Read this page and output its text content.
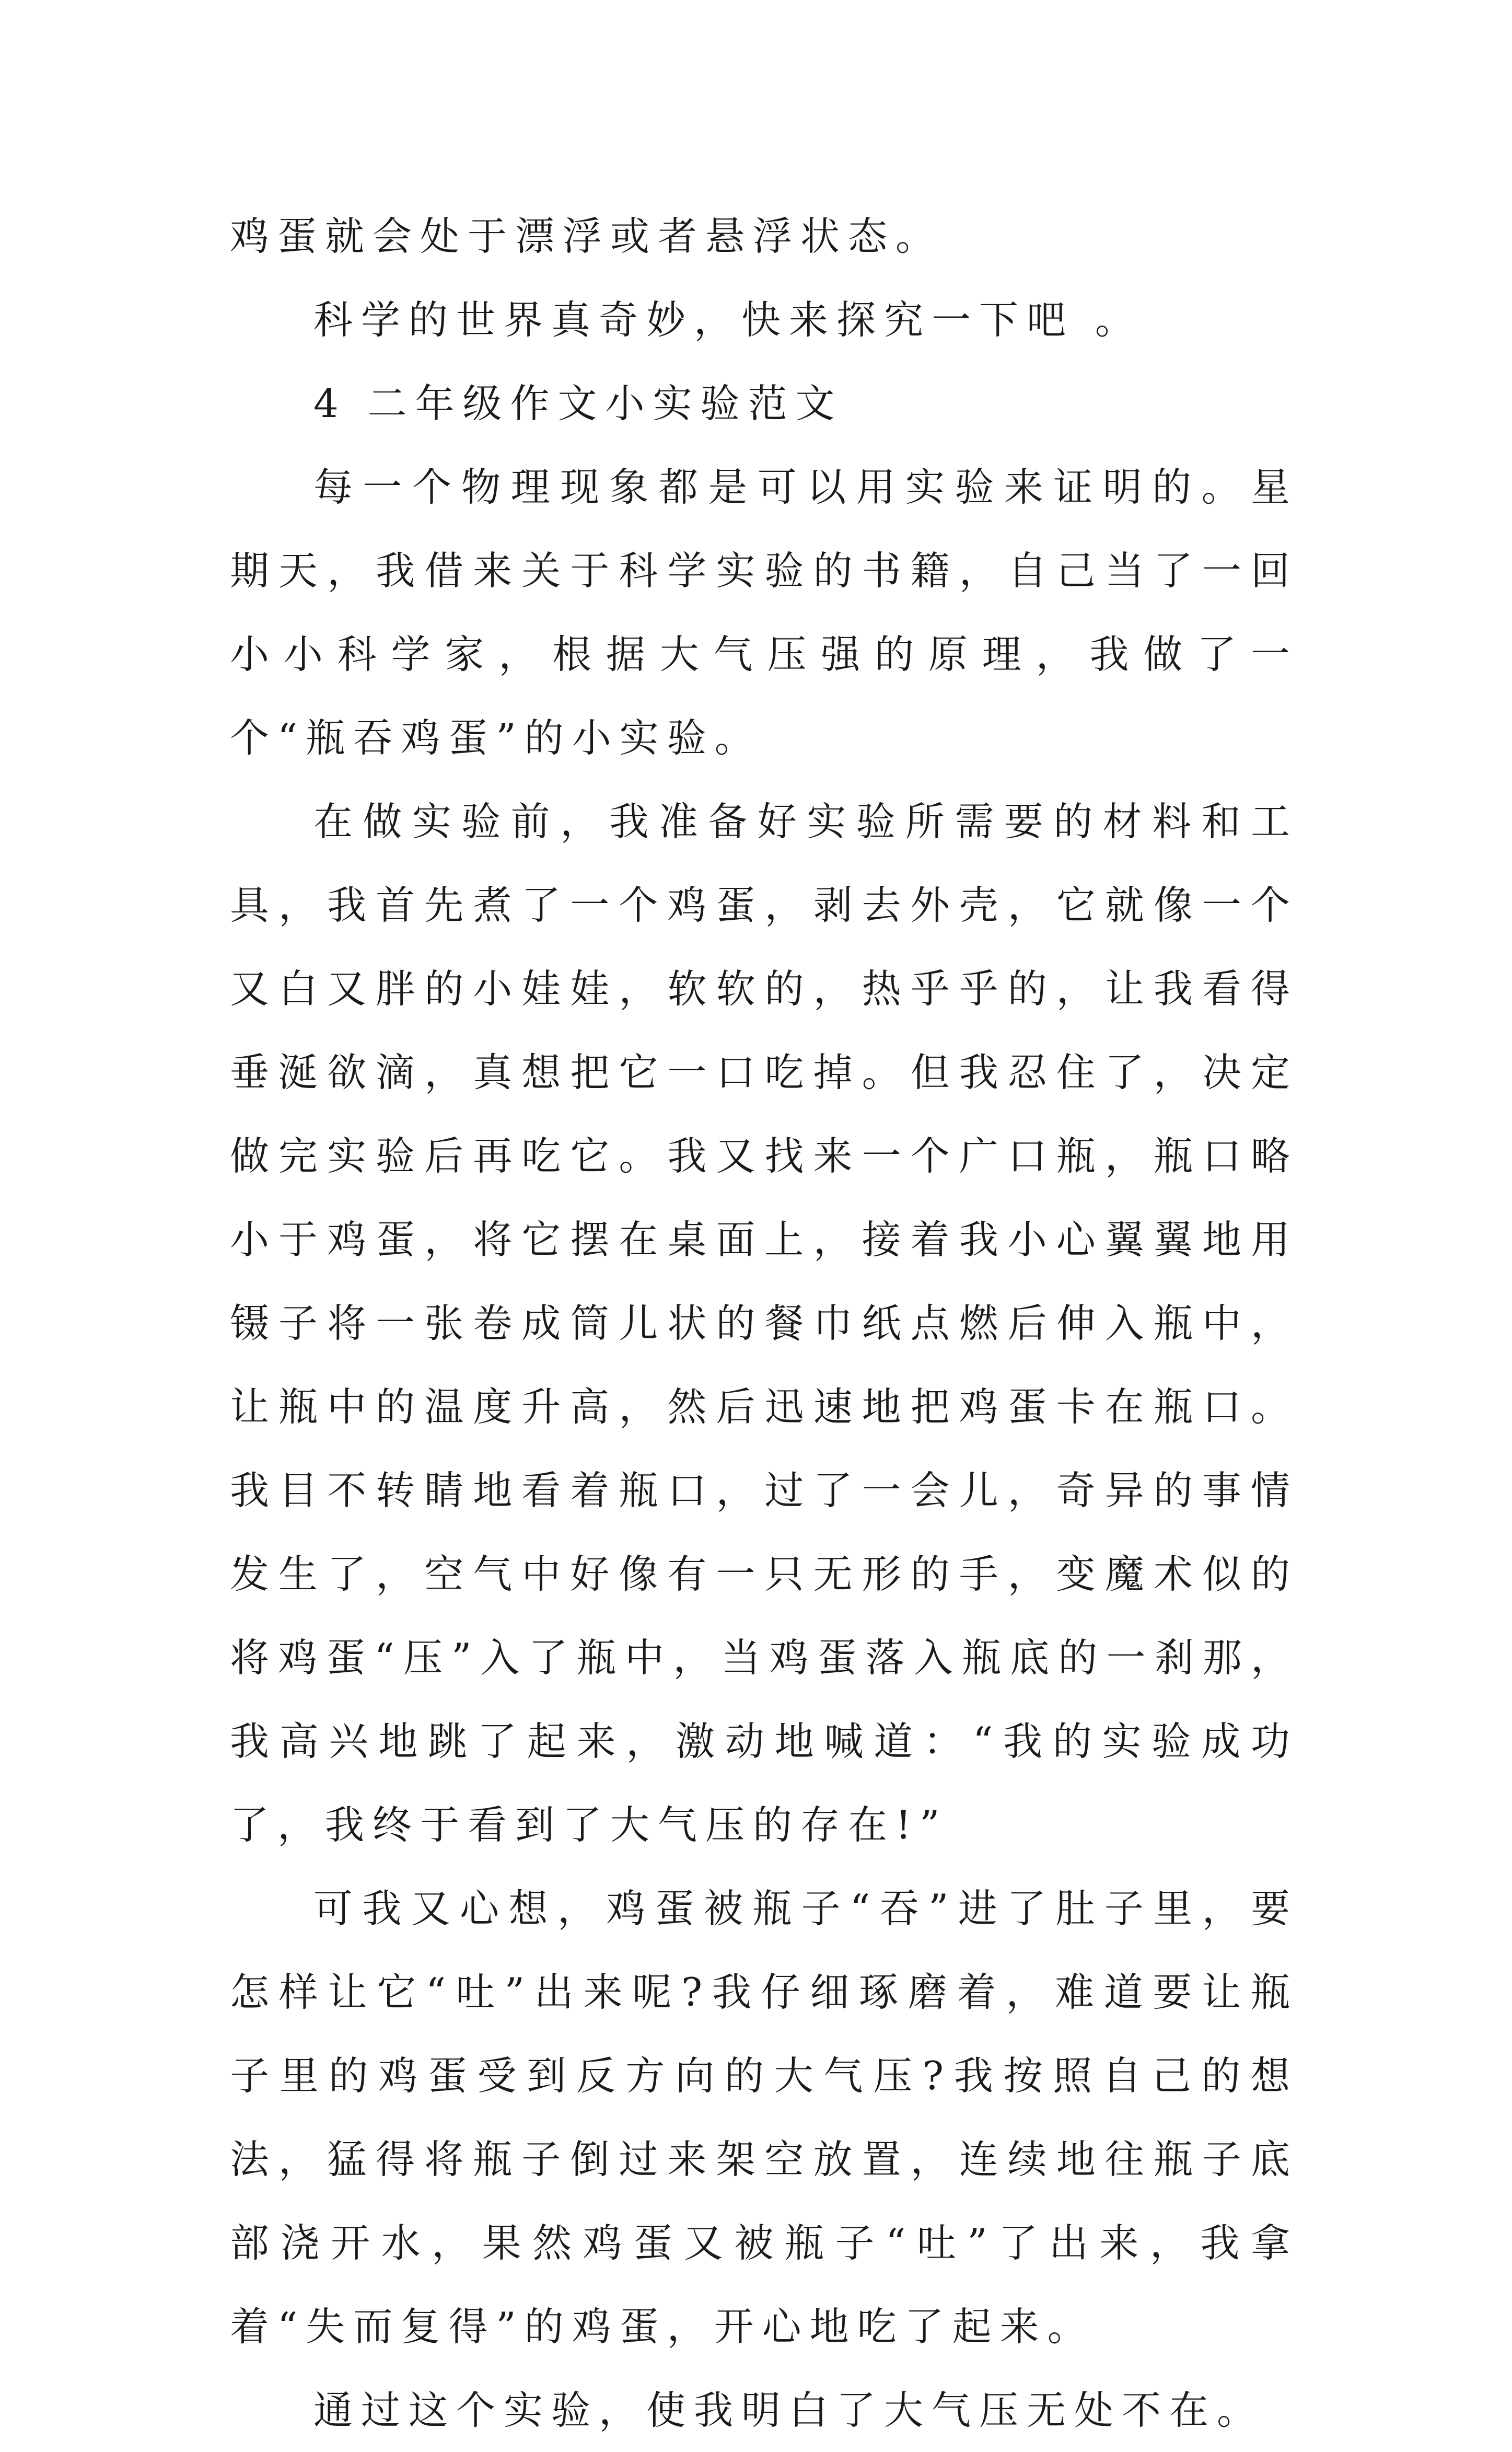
鸡蛋就会处于漂浮或者悬浮状态。

科学的世界真奇妙，快来探究一下吧 。

4 二年级作文小实验范文

每一个物理现象都是可以用实验来证明的。星期天，我借来关于科学实验的书籍，自己当了一回小小科学家，根据大气压强的原理，我做了一个“瓶吞鸡蛋”的小实验。

在做实验前，我准备好实验所需要的材料和工具，我首先煮了一个鸡蛋，剥去外壳，它就像一个又白又胖的小娃娃，软软的，热乎乎的，让我看得垂涎欲滴，真想把它一口吃掉。但我忍住了，决定做完实验后再吃它。我又找来一个广口瓶，瓶口略小于鸡蛋，将它摆在桌面上，接着我小心翼翼地用镊子将一张卷成筒儿状的餐巾纸点燃后伸入瓶中，让瓶中的温度升高，然后迅速地把鸡蛋卡在瓶口。我目不转睛地看着瓶口，过了一会儿，奇异的事情发生了，空气中好像有一只无形的手，变魔术似的将鸡蛋“压”入了瓶中，当鸡蛋落入瓶底的一刹那，我高兴地跳了起来，激动地喊道：“我的实验成功了，我终于看到了大气压的存在!”

可我又心想，鸡蛋被瓶子“吞”进了肚子里，要怎样让它“吐”出来呢?我仔细琢磨着，难道要让瓶子里的鸡蛋受到反方向的大气压?我按照自己的想法，猛得将瓶子倒过来架空放置，连续地往瓶子底部浇开水，果然鸡蛋又被瓶子“吐”了出来，我拿着“失而复得”的鸡蛋，开心地吃了起来。

通过这个实验，使我明白了大气压无处不在。
